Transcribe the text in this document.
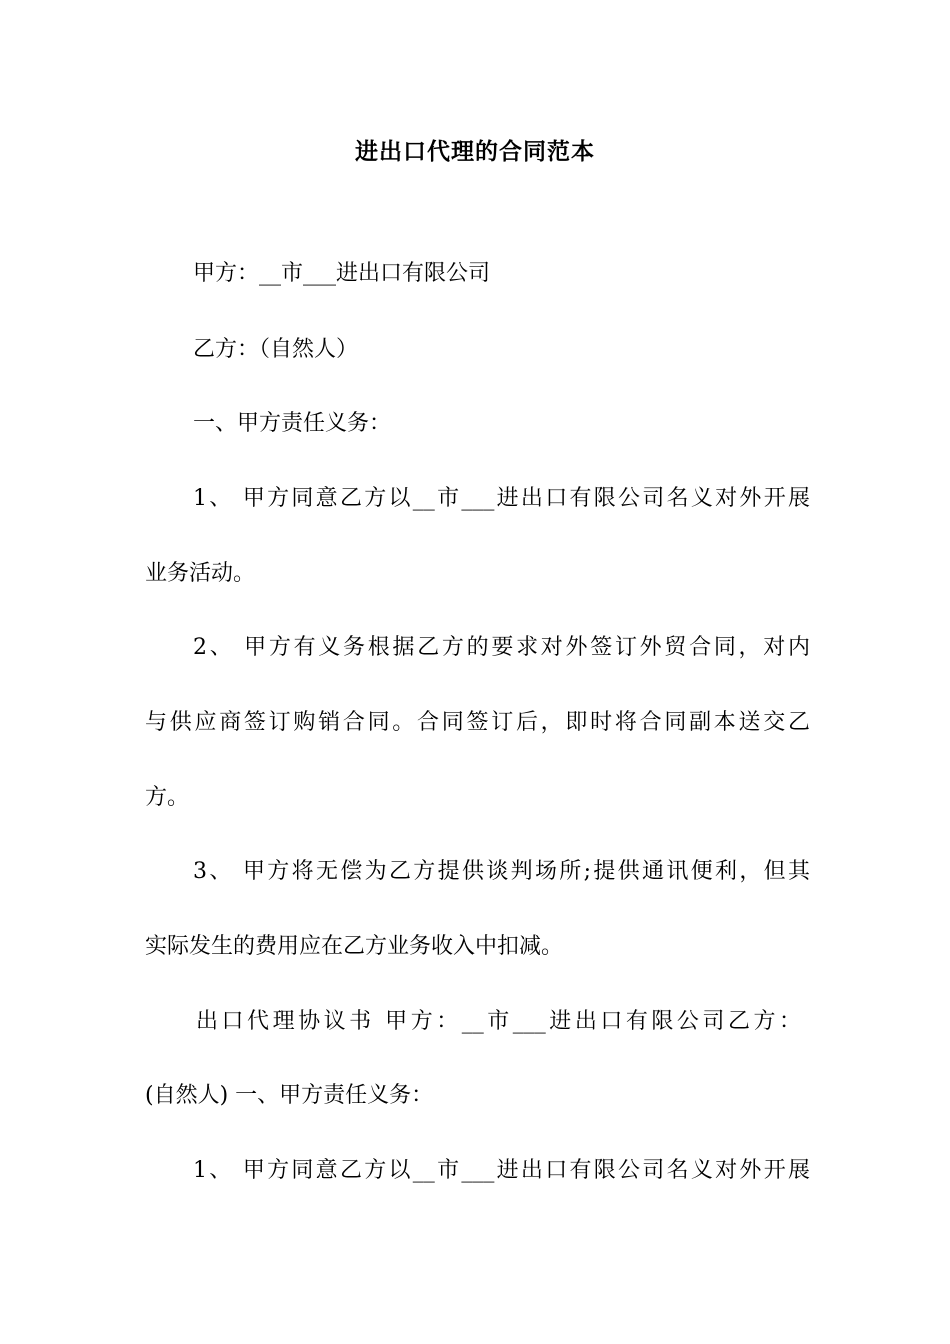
进出口代理的合同范本

甲方：__市___进出口有限公司

乙方：（自然人）

一、甲方责任义务：

1、 甲方同意乙方以__市___进出口有限公司名义对外开展

业务活动。

2、 甲方有义务根据乙方的要求对外签订外贸合同，对内

与供应商签订购销合同。合同签订后，即时将合同副本送交乙

方。

3、 甲方将无偿为乙方提供谈判场所;提供通讯便利，但其

实际发生的费用应在乙方业务收入中扣减。

出口代理协议书 甲方：__市___进出口有限公司乙方：

(自然人) 一、甲方责任义务：

1、 甲方同意乙方以__市___进出口有限公司名义对外开展
